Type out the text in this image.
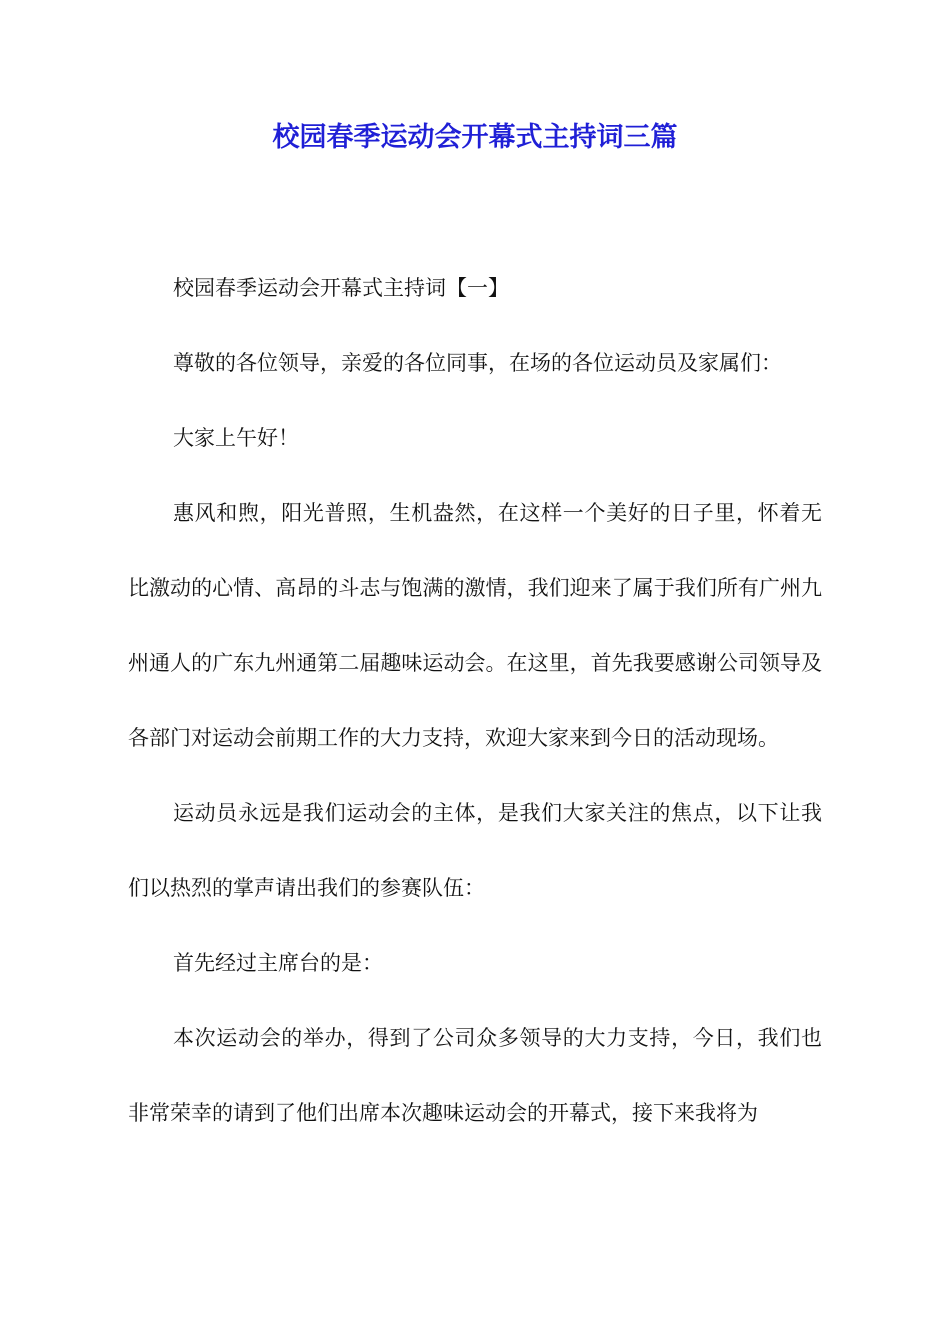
校园春季运动会开幕式主持词三篇

校园春季运动会开幕式主持词【一】

尊敬的各位领导，亲爱的各位同事，在场的各位运动员及家属们：

大家上午好！

惠风和煦，阳光普照，生机盎然，在这样一个美好的日子里，怀着无比激动的心情、高昂的斗志与饱满的激情，我们迎来了属于我们所有广州九州通人的广东九州通第二届趣味运动会。在这里，首先我要感谢公司领导及各部门对运动会前期工作的大力支持，欢迎大家来到今日的活动现场。

运动员永远是我们运动会的主体，是我们大家关注的焦点，以下让我们以热烈的掌声请出我们的参赛队伍：

首先经过主席台的是：

本次运动会的举办，得到了公司众多领导的大力支持，今日，我们也非常荣幸的请到了他们出席本次趣味运动会的开幕式，接下来我将为
